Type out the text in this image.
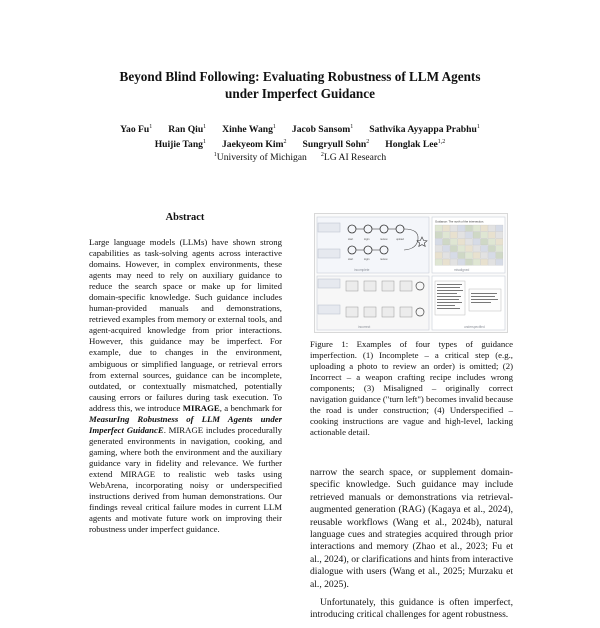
Beyond Blind Following: Evaluating Robustness of LLM Agents
under Imperfect Guidance
Yao Fu$^1$ Ran Qiu$^1$ Xinhe Wang$^1$ Jacob Sansom$^1$ Sathvika Ayyappa Prabhu$^1$
Huijie Tang$^1$ Jaekyeom Kim$^2$ Sungryull Sohn$^2$ Honglak Lee$^{1,2}$
$^1$University of Michigan $^2$LG AI Research
Abstract
Large language models (LLMs) have shown strong capabilities as task-solving agents across interactive domains. However, in complex environments, these agents may need to rely on auxiliary guidance to reduce the search space or make up for limited domain-specific knowledge. Such guidance includes human-provided manuals and demonstrations, retrieved examples from memory or external tools, and agent-acquired knowledge from prior interactions. However, this guidance may be imperfect. For example, due to changes in the environment, ambiguous or simplified language, or retrieval errors from external sources, guidance can be incomplete, outdated, or contextually mismatched, potentially causing errors or failures during task execution. To address this, we introduce MIRAGE, a benchmark for MeasurIng Robustness of LLM Agents under Imperfect GuidancE. MIRAGE includes procedurally generated environments in navigation, cooking, and gaming, where both the environment and the auxiliary guidance vary in fidelity and relevance. We further extend MIRAGE to realistic web tasks using WebArena, incorporating noisy or underspecified instructions derived from human demonstrations. Our findings reveal critical failure modes in current LLM agents and motivate future work on improving their robustness under imperfect guidance.
start	login	review	upload
start	login	review
incomplete
Guidance: The north of the intersection.
misaligned
incorrect	underspecified
Figure 1: Examples of four types of guidance imperfection. (1) Incomplete – a critical step (e.g., uploading a photo to review an order) is omitted; (2) Incorrect – a weapon crafting recipe includes wrong components; (3) Misaligned – originally correct navigation guidance ("turn left") becomes invalid because the road is under construction; (4) Underspecified – cooking instructions are vague and high-level, lacking actionable detail.

narrow the search space, or supplement domain-specific knowledge. Such guidance may include retrieved manuals or demonstrations via retrieval-augmented generation (RAG) (Kagaya et al., 2024), reusable workflows (Wang et al., 2024b), natural language cues and strategies acquired through prior interactions and memory (Zhao et al., 2023; Fu et al., 2024), or clarifications and hints from interactive dialogue with users (Wang et al., 2025; Murzaku et al., 2025).

Unfortunately, this guidance is often imperfect, introducing critical challenges for agent robustness.
